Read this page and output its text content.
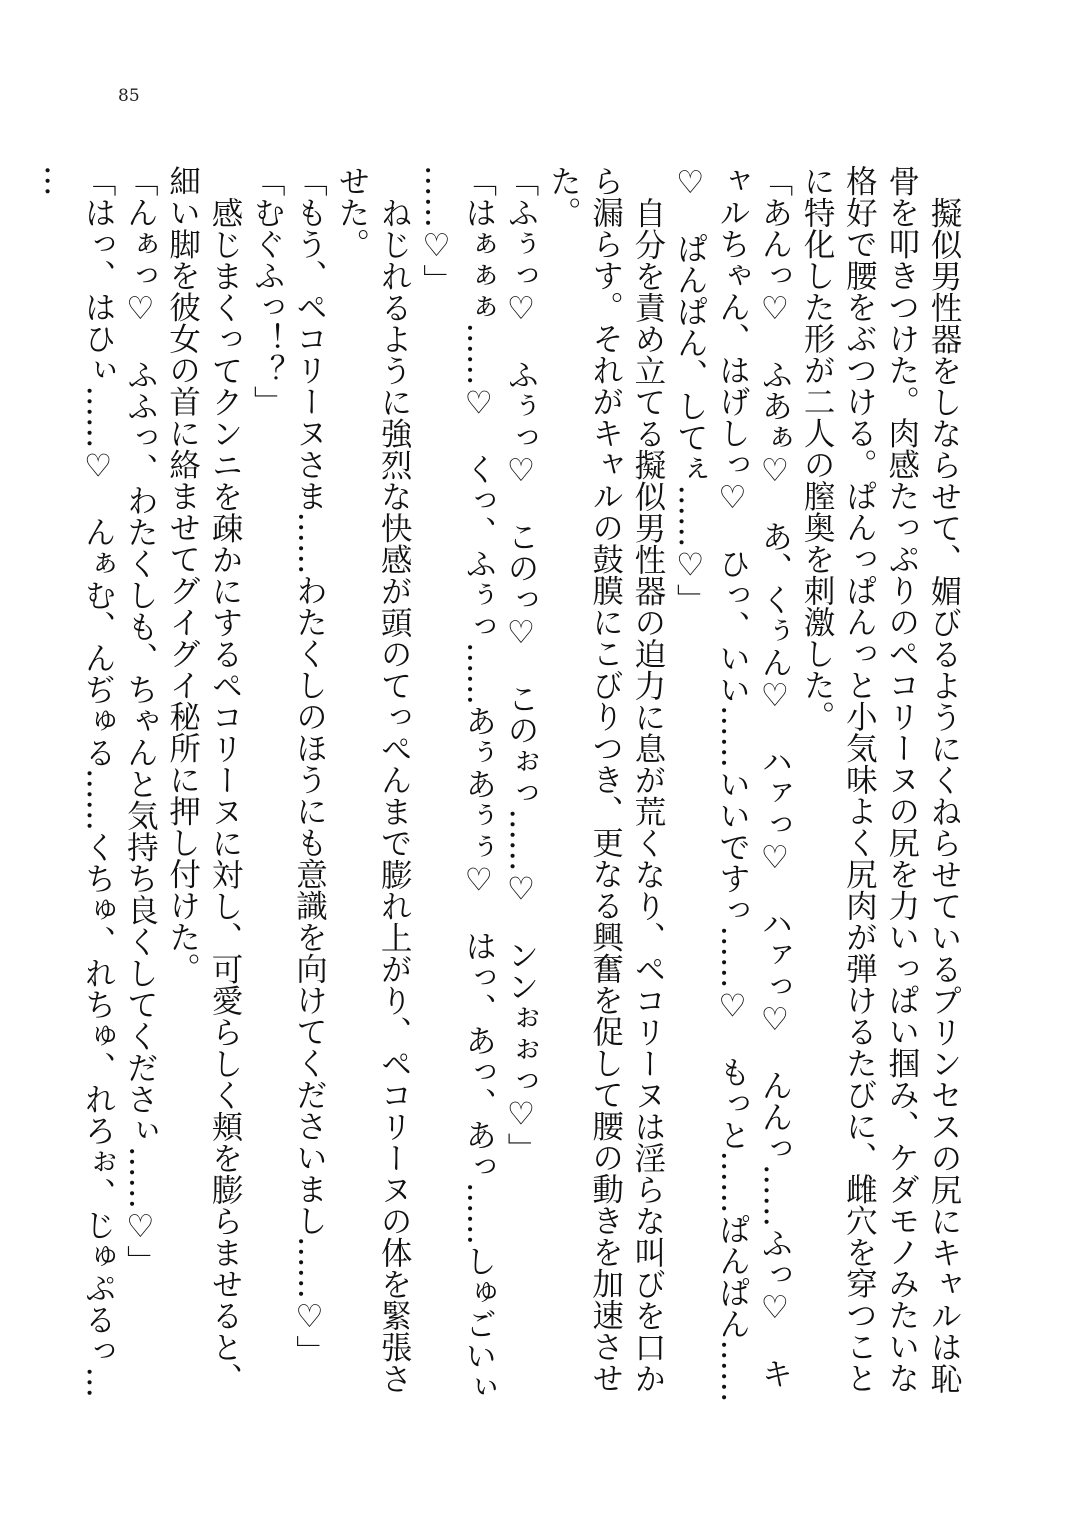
85

擬似男性器をしならせて、媚びるようにくねらせているプリンセスの尻にキャルは恥骨を叩きつけた。肉感たっぷりのペコリーヌの尻を力いっぱい掴み、ケダモノみたいな格好で腰をぶつける。ぱんっぱんっと小気味よく尻肉が弾けるたびに、雌穴を穿つことに特化した形が二人の膣奥を刺激した。

「あんっ♡　ふあぁ♡　あ、くぅん♡　ハァっ♡　ハァっ♡　んんっ……ふっ♡　キャルちゃん、はげしっ♡　ひっ、いい……いいですっ……♡　もっと……ぱんぱん……♡　ぱんぱん、してぇ……♡」

自分を責め立てる擬似男性器の迫力に息が荒くなり、ペコリーヌは淫らな叫びを口から漏らす。それがキャルの鼓膜にこびりつき、更なる興奮を促して腰の動きを加速させた。

「ふぅっ♡　ふぅっ♡　このっ♡　このぉっ……♡　ンンぉぉっ♡」

「はぁぁぁ……♡　くっ、ふぅっ……あぅあぅぅ♡　はっ、あっ、あっ……しゅごいぃ……♡」

ねじれるように強烈な快感が頭のてっぺんまで膨れ上がり、ペコリーヌの体を緊張させた。

「もう、ペコリーヌさま……わたくしのほうにも意識を向けてくださいまし……♡」

「むぐふっ！？」

感じまくってクンニを疎かにするペコリーヌに対し、可愛らしく頬を膨らませると、細い脚を彼女の首に絡ませてグイグイ秘所に押し付けた。

「んぁっ♡　ふふっ、わたくしも、ちゃんと気持ち良くしてくださぃ……♡」

「はっ、はひぃ……♡　んぁむ、んぢゅる……くちゅ、れちゅ、れろぉ、じゅぷるっ……
